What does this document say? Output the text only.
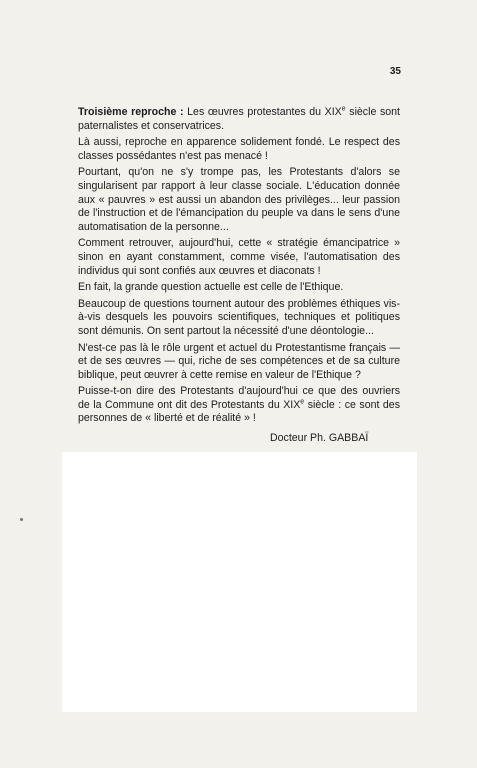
35

Troisième reproche : Les œuvres protestantes du XIXe siècle sont paternalistes et conservatrices.

Là aussi, reproche en apparence solidement fondé. Le respect des classes possédantes n'est pas menacé !

Pourtant, qu'on ne s'y trompe pas, les Protestants d'alors se singularisent par rapport à leur classe sociale. L'éducation donnée aux « pauvres » est aussi un abandon des privilèges... leur passion de l'instruction et de l'émancipation du peuple va dans le sens d'une automatisation de la personne...

Comment retrouver, aujourd'hui, cette « stratégie émancipatrice » sinon en ayant constamment, comme visée, l'automatisation des individus qui sont confiés aux œuvres et diaconats !

En fait, la grande question actuelle est celle de l'Ethique.

Beaucoup de questions tournent autour des problèmes éthiques vis-à-vis desquels les pouvoirs scientifiques, techniques et politiques sont démunis. On sent partout la nécessité d'une déontologie...

N'est-ce pas là le rôle urgent et actuel du Protestantisme français — et de ses œuvres — qui, riche de ses compétences et de sa culture biblique, peut œuvrer à cette remise en valeur de l'Ethique ?

Puisse-t-on dire des Protestants d'aujourd'hui ce que des ouvriers de la Commune ont dit des Protestants du XIXe siècle : ce sont des personnes de « liberté et de réalité » !

Docteur Ph. GABBAÏ
